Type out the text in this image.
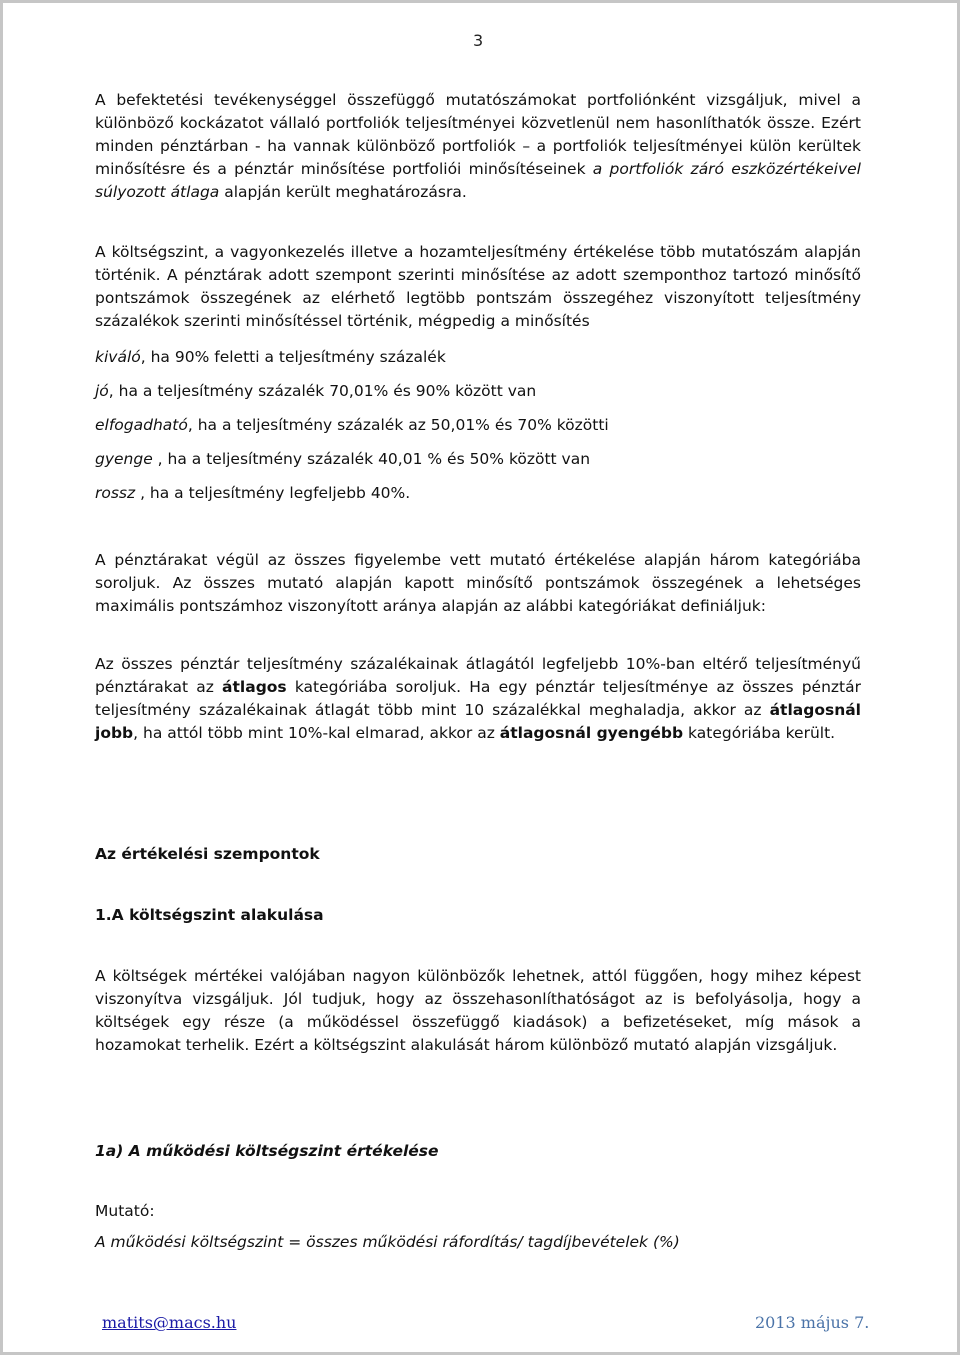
3

A befektetési tevékenységgel összefüggő mutatószámokat portfoliónként vizsgáljuk, mivel a különböző kockázatot vállaló portfoliók teljesítményei közvetlenül nem hasonlíthatók össze. Ezért minden pénztárban - ha vannak különböző portfoliók – a portfoliók teljesítményei külön kerültek minősítésre és a pénztár minősítése portfoliói minősítéseinek a portfoliók záró eszközértékeivel súlyozott átlaga alapján került meghatározásra.

A költségszint, a vagyonkezelés illetve a hozamteljesítmény értékelése több mutatószám alapján történik. A pénztárak adott szempont szerinti minősítése az adott szemponthoz tartozó minősítő pontszámok összegének az elérhető legtöbb pontszám összegéhez viszonyított teljesítmény százalékok szerinti minősítéssel történik, mégpedig a minősítés

kiváló, ha 90% feletti a teljesítmény százalék

jó, ha a teljesítmény százalék 70,01% és 90% között van

elfogadható, ha a teljesítmény százalék az 50,01% és 70% közötti

gyenge , ha a teljesítmény százalék 40,01 % és 50% között van

rossz , ha a teljesítmény legfeljebb 40%.

A pénztárakat végül az összes figyelembe vett mutató értékelése alapján három kategóriába soroljuk. Az összes mutató alapján kapott minősítő pontszámok összegének a lehetséges maximális pontszámhoz viszonyított aránya alapján az alábbi kategóriákat definiáljuk:

Az összes pénztár teljesítmény százalékainak átlagától legfeljebb 10%-ban eltérő teljesítményű pénztárakat az átlagos kategóriába soroljuk. Ha egy pénztár teljesítménye az összes pénztár teljesítmény százalékainak átlagát több mint 10 százalékkal meghaladja, akkor az átlagosnál jobb, ha attól több mint 10%-kal elmarad, akkor az átlagosnál gyengébb kategóriába került.

Az értékelési szempontok

1.A költségszint alakulása

A költségek mértékei valójában nagyon különbözők lehetnek, attól függően, hogy mihez képest viszonyítva vizsgáljuk. Jól tudjuk, hogy az összehasonlíthatóságot az is befolyásolja, hogy a költségek egy része (a működéssel összefüggő kiadások) a befizetéseket, míg mások a hozamokat terhelik. Ezért a költségszint alakulását három különböző mutató alapján vizsgáljuk.

1a) A működési költségszint értékelése

Mutató:

A működési költségszint = összes működési ráfordítás/ tagdíjbevételek (%)

matits@macs.hu	2013 május 7.
